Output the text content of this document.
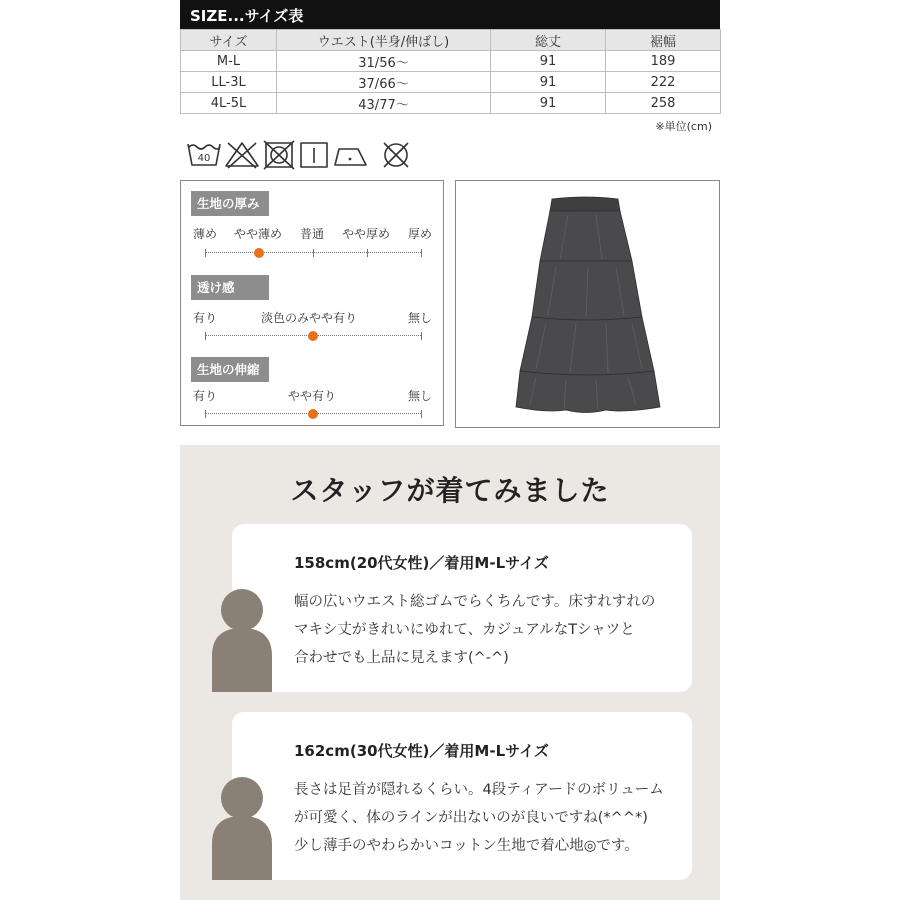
SIZE...サイズ表
サイズ	ウエスト(半身/伸ばし)	総丈	裾幅
M-L	31/56～	91	189
LL-3L	37/66～	91	222
4L-5L	43/77～	91	258
※単位(cm)
40
生地の厚み
薄め やや薄め 普通 やや厚め 厚め
透け感
有り	淡色のみやや有り	無し
生地の伸縮
有り	やや有り	無し
スタッフが着てみました
158cm(20代女性)／着用M-Lサイズ
幅の広いウエスト総ゴムでらくちんです。床すれすれの
マキシ丈がきれいにゆれて、カジュアルなTシャツと
合わせでも上品に見えます(^-^)
162cm(30代女性)／着用M-Lサイズ
長さは足首が隠れるくらい。4段ティアードのボリューム
が可愛く、体のラインが出ないのが良いですね(*^^*)
少し薄手のやわらかいコットン生地で着心地◎です。
